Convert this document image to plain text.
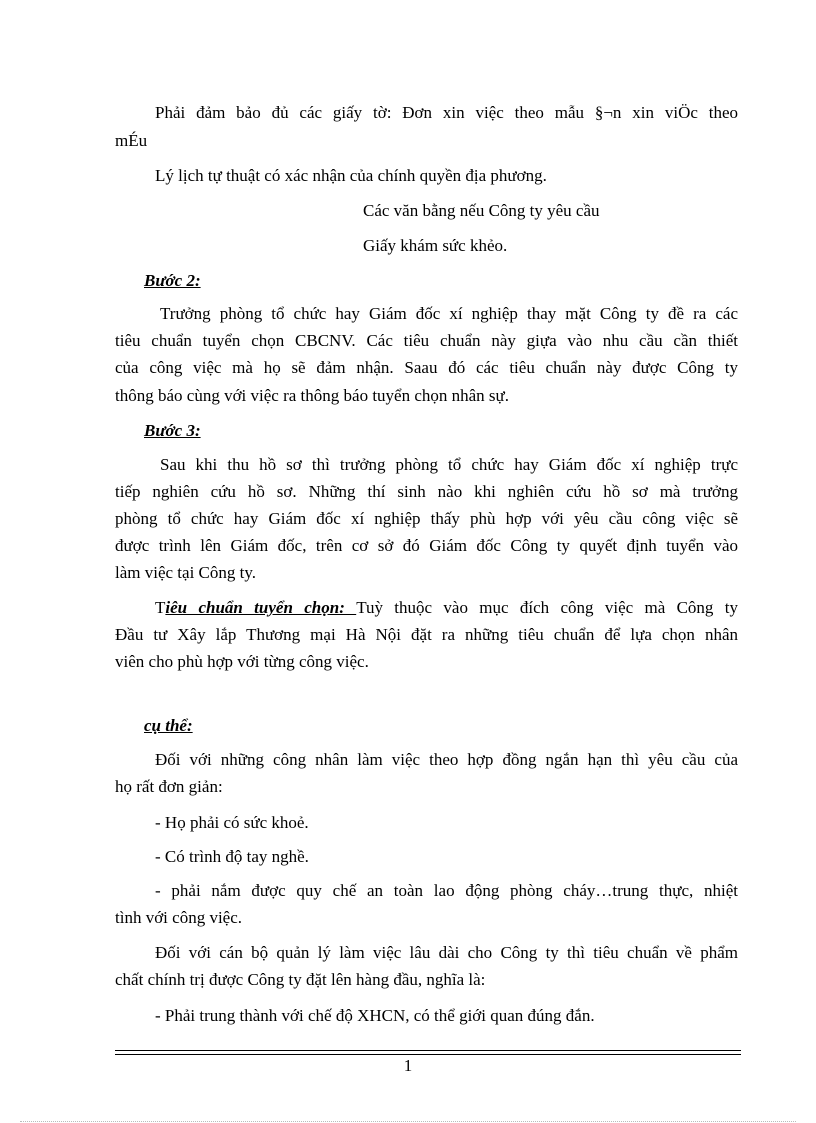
Phải đảm bảo đủ các giấy tờ: Đơn xin việc theo mẫu §¬n xin viÖc theo
mÉu
Lý lịch tự thuật có xác nhận của chính quyền địa phương.
Các văn bằng nếu Công ty yêu cầu
Giấy khám sức khẻo.
Bước 2:
Trưởng phòng tổ chức hay Giám đốc xí nghiệp thay mặt Công ty đề ra các
tiêu chuẩn tuyển chọn CBCNV. Các tiêu chuẩn này giựa vào nhu cầu cần thiết
của công việc mà họ sẽ đảm nhận. Saau đó các tiêu chuẩn này được Công ty
thông báo cùng với việc ra thông báo tuyển chọn nhân sự.
Bước 3:
Sau khi thu hồ sơ thì trưởng phòng tổ chức hay Giám đốc xí nghiệp trực
tiếp nghiên cứu hồ sơ. Những thí sinh nào khi nghiên cứu hồ sơ mà trưởng
phòng tổ chức hay Giám đốc xí nghiệp thấy phù hợp với yêu cầu công việc sẽ
được trình lên Giám đốc, trên cơ sở đó Giám đốc Công ty quyết định tuyển vào
làm việc tại Công ty.
Tiêu chuẩn tuyển chọn: Tuỳ thuộc vào mục đích công việc mà Công ty
Đầu tư Xây lắp Thương mại Hà Nội đặt ra những tiêu chuẩn để lựa chọn nhân
viên cho phù hợp với từng công việc.
cụ thể:
Đối với những công nhân làm việc theo hợp đồng ngắn hạn thì yêu cầu của
họ rất đơn giản:
- Họ phải có sức khoẻ.
- Có trình độ tay nghề.
- phải nắm được quy chế an toàn lao động phòng cháy…trung thực, nhiệt
tình với công việc.
Đối với cán bộ quản lý làm việc lâu dài cho Công ty thì tiêu chuẩn về phẩm
chất chính trị được Công ty đặt lên hàng đầu, nghĩa là:
- Phải trung thành với chế độ XHCN, có thể giới quan đúng đắn.
1
